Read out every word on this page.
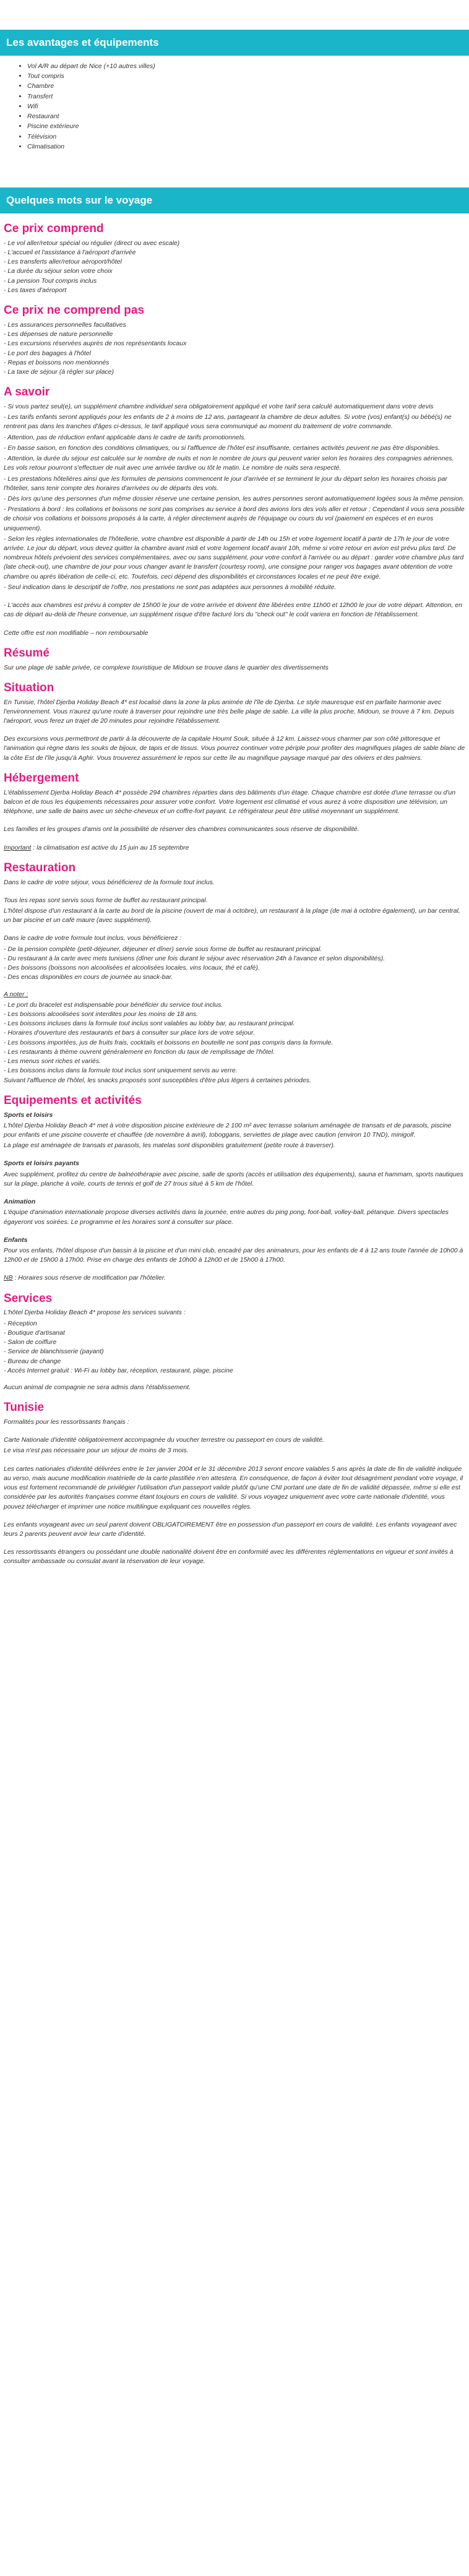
Les avantages et équipements
• Vol A/R au départ de Nice (+10 autres villes)
• Tout compris
• Chambre
• Transfert
• Wifi
• Restaurant
• Piscine extérieure
• Télévision
• Climatisation
Quelques mots sur le voyage
Ce prix comprend

- Le vol aller/retour spécial ou régulier (direct ou avec escale)

- L'accueil et l'assistance à l'aéroport d'arrivée

- Les transferts aller/retour aéroport/hôtel

- La durée du séjour selon votre choix

- La pension Tout compris inclus

- Les taxes d'aéroport

Ce prix ne comprend pas

- Les assurances personnelles facultatives

- Les dépenses de nature personnelle

- Les excursions réservées auprès de nos représentants locaux

- Le port des bagages à l'hôtel

- Repas et boissons non mentionnés

- La taxe de séjour (à régler sur place)

A savoir

- Si vous partez seul(e), un supplément chambre individuel sera obligatoirement appliqué et votre tarif sera calculé automatiquement dans votre devis

- Les tarifs enfants seront appliqués pour les enfants de 2 à moins de 12 ans, partageant la chambre de deux adultes. Si votre (vos) enfant(s) ou bébé(s) ne rentrent pas dans les tranches d'âges ci-dessus, le tarif appliqué vous sera communiqué au moment du traitement de votre commande.

- Attention, pas de réduction enfant applicable dans le cadre de tarifs promotionnels.

- En basse saison, en fonction des conditions climatiques, ou si l'affluence de l'hôtel est insuffisante, certaines activités peuvent ne pas être disponibles.

- Attention, la durée du séjour est calculée sur le nombre de nuits et non le nombre de jours qui peuvent varier selon les horaires des compagnies aériennes. Les vols retour pourront s'effectuer de nuit avec une arrivée tardive ou tôt le matin. Le nombre de nuits sera respecté.

- Les prestations hôtelières ainsi que les formules de pensions commencent le jour d'arrivée et se terminent le jour du départ selon les horaires choisis par l'hôtelier, sans tenir compte des horaires d'arrivées ou de départs des vols.

- Dès lors qu'une des personnes d'un même dossier réserve une certaine pension, les autres personnes seront automatiquement logées sous la même pension.

- Prestations à bord : les collations et boissons ne sont pas comprises au service à bord des avions lors des vols aller et retour ; Cependant il vous sera possible de choisir vos collations et boissons proposés à la carte, à régler directement auprès de l'équipage ou cours du vol (paiement en espèces et en euros uniquement).

- Selon les règles internationales de l'hôtellerie, votre chambre est disponible à partir de 14h ou 15h et votre logement locatif à partir de 17h le jour de votre arrivée. Le jour du départ, vous devez quitter la chambre avant midi et votre logement locatif avant 10h, même si votre retour en avion est prévu plus tard. De nombreux hôtels prévoient des services complémentaires, avec ou sans supplément, pour votre confort à l'arrivée ou au départ : garder votre chambre plus tard (late check-out), une chambre de jour pour vous changer avant le transfert (courtesy room), une consigne pour ranger vos bagages avant obtention de votre chambre ou après libération de celle-ci, etc. Toutefois, ceci dépend des disponibilités et circonstances locales et ne peut être exigé.

- Seul indication dans le descriptif de l'offre, nos prestations ne sont pas adaptées aux personnes à mobilité réduite.

- L'accès aux chambres est prévu à compter de 15h00 le jour de votre arrivée et doivent être libérées entre 11h00 et 12h00 le jour de votre départ. Attention, en cas de départ au-delà de l'heure convenue, un supplément risque d'être facturé lors du "check out" le coût variera en fonction de l'établissement.

Cette offre est non modifiable – non remboursable

Résumé

Sur une plage de sable privée, ce complexe touristique de Midoun se trouve dans le quartier des divertissements

Situation

En Tunisie, l'hôtel Djerba Holiday Beach 4* est localisé dans la zone la plus animée de l'île de Djerba. Le style mauresque est en parfaite harmonie avec l'environnement. Vous n'aurez qu'une route à traverser pour rejoindre une très belle plage de sable. La ville la plus proche, Midoun, se trouve à 7 km. Depuis l'aéroport, vous ferez un trajet de 20 minutes pour rejoindre l'établissement.

Des excursions vous permettront de partir à la découverte de la capitale Houmt Souk, située à 12 km. Laissez-vous charmer par son côté pittoresque et l'animation qui règne dans les souks de bijoux, de tapis et de tissus. Vous pourrez continuer votre périple pour profiter des magnifiques plages de sable blanc de la côte Est de l'île jusqu'à Aghir. Vous trouverez assurément le repos sur cette île au magnifique paysage marqué par des oliviers et des palmiers.

Hébergement

L'établissement Djerba Holiday Beach 4* possède 294 chambres réparties dans des bâtiments d'un étage. Chaque chambre est dotée d'une terrasse ou d'un balcon et de tous les équipements nécessaires pour assurer votre confort. Votre logement est climatisé et vous aurez à votre disposition une télévision, un téléphone, une salle de bains avec un sèche-cheveux et un coffre-fort payant. Le réfrigérateur peut être utilisé moyennant un supplément.

Les familles et les groupes d'amis ont la possibilité de réserver des chambres communicantes sous réserve de disponibilité.

Important : la climatisation est active du 15 juin au 15 septembre

Restauration

Dans le cadre de votre séjour, vous bénéficierez de la formule tout inclus.

Tous les repas sont servis sous forme de buffet au restaurant principal.

L'hôtel dispose d'un restaurant à la carte au bord de la piscine (ouvert de mai à octobre), un restaurant à la plage (de mai à octobre également), un bar central, un bar piscine et un café maure (avec supplément).

Dans le cadre de votre formule tout inclus, vous bénéficierez :

- De la pension complète (petit-déjeuner, déjeuner et dîner) servie sous forme de buffet au restaurant principal.

- Du restaurant à la carte avec mets tunisiens (dîner une fois durant le séjour avec réservation 24h à l'avance et selon disponibilités).

- Des boissons (boissons non alcoolisées et alcoolisées locales, vins locaux, thé et café).

- Des encas disponibles en cours de journée au snack-bar.

A noter :

- Le port du bracelet est indispensable pour bénéficier du service tout inclus.

- Les boissons alcoolisées sont interdites pour les moins de 18 ans.

- Les boissons incluses dans la formule tout inclus sont valables au lobby bar, au restaurant principal.

- Horaires d'ouverture des restaurants et bars à consulter sur place lors de votre séjour.

- Les boissons importées, jus de fruits frais, cocktails et boissons en bouteille ne sont pas compris dans la formule.

- Les restaurants à thème ouvrent généralement en fonction du taux de remplissage de l'hôtel.

- Les menus sont riches et variés.

- Les boissons inclus dans la formule tout inclus sont uniquement servis au verre.

Suivant l'affluence de l'hôtel, les snacks proposés sont susceptibles d'être plus légers à certaines périodes.

Equipements et activités

Sports et loisirs

L'hôtel Djerba Holiday Beach 4* met à votre disposition piscine extérieure de 2 100 m² avec terrasse solarium aménagée de transats et de parasols, piscine pour enfants et une piscine couverte et chauffée (de novembre à avril), toboggans, serviettes de plage avec caution (environ 10 TND), minigolf.

La plage est aménagée de transats et parasols, les matelas sont disponibles gratuitement (petite route à traverser).

Sports et loisirs payants

Avec supplément, profitez du centre de balnéothérapie avec piscine, salle de sports (accès et utilisation des équipements), sauna et hammam, sports nautiques sur la plage, planche à voile, courts de tennis et golf de 27 trous situé à 5 km de l'hôtel.

Animation

L'équipe d'animation internationale propose diverses activités dans la journée, entre autres du ping pong, foot-ball, volley-ball, pétanque. Divers spectacles égayeront vos soirées. Le programme et les horaires sont à consulter sur place.

Enfants

Pour vos enfants, l'hôtel dispose d'un bassin à la piscine et d'un mini club, encadré par des animateurs, pour les enfants de 4 à 12 ans toute l'année de 10h00 à 12h00 et de 15h00 à 17h00. Prise en charge des enfants de 10h00 à 12h00 et de 15h00 à 17h00.

NB : Horaires sous réserve de modification par l'hôtelier.

Services

L'hôtel Djerba Holiday Beach 4* propose les services suivants :

- Réception

- Boutique d'artisanat

- Salon de coiffure

- Service de blanchisserie (payant)

- Bureau de change

- Accès Internet gratuit : Wi-Fi au lobby bar, réception, restaurant, plage, piscine

Aucun animal de compagnie ne sera admis dans l'établissement.

Tunisie

Formalités pour les ressortissants français :

Carte Nationale d'identité obligatoirement accompagnée du voucher terrestre ou passeport en cours de validité.

Le visa n'est pas nécessaire pour un séjour de moins de 3 mois.

Les cartes nationales d'identité délivrées entre le 1er janvier 2004 et le 31 décembre 2013 seront encore valables 5 ans après la date de fin de validité indiquée au verso, mais aucune modification matérielle de la carte plastifiée n'en attestera. En conséquence, de façon à éviter tout désagrément pendant votre voyage, il vous est fortement recommandé de privilégier l'utilisation d'un passeport valide plutôt qu'une CNI portant une date de fin de validité dépassée, même si elle est considérée par les autorités françaises comme étant toujours en cours de validité. Si vous voyagez uniquement avec votre carte nationale d'identité, vous pouvez télécharger et imprimer une notice multilingue expliquant ces nouvelles règles.

Les enfants voyageant avec un seul parent doivent OBLIGATOIREMENT être en possession d'un passeport en cours de validité. Les enfants voyageant avec leurs 2 parents peuvent avoir leur carte d'identité.

Les ressortissants étrangers ou possédant une double nationalité doivent être en conformité avec les différentes réglementations en vigueur et sont invités à consulter ambassade ou consulat avant la réservation de leur voyage.
